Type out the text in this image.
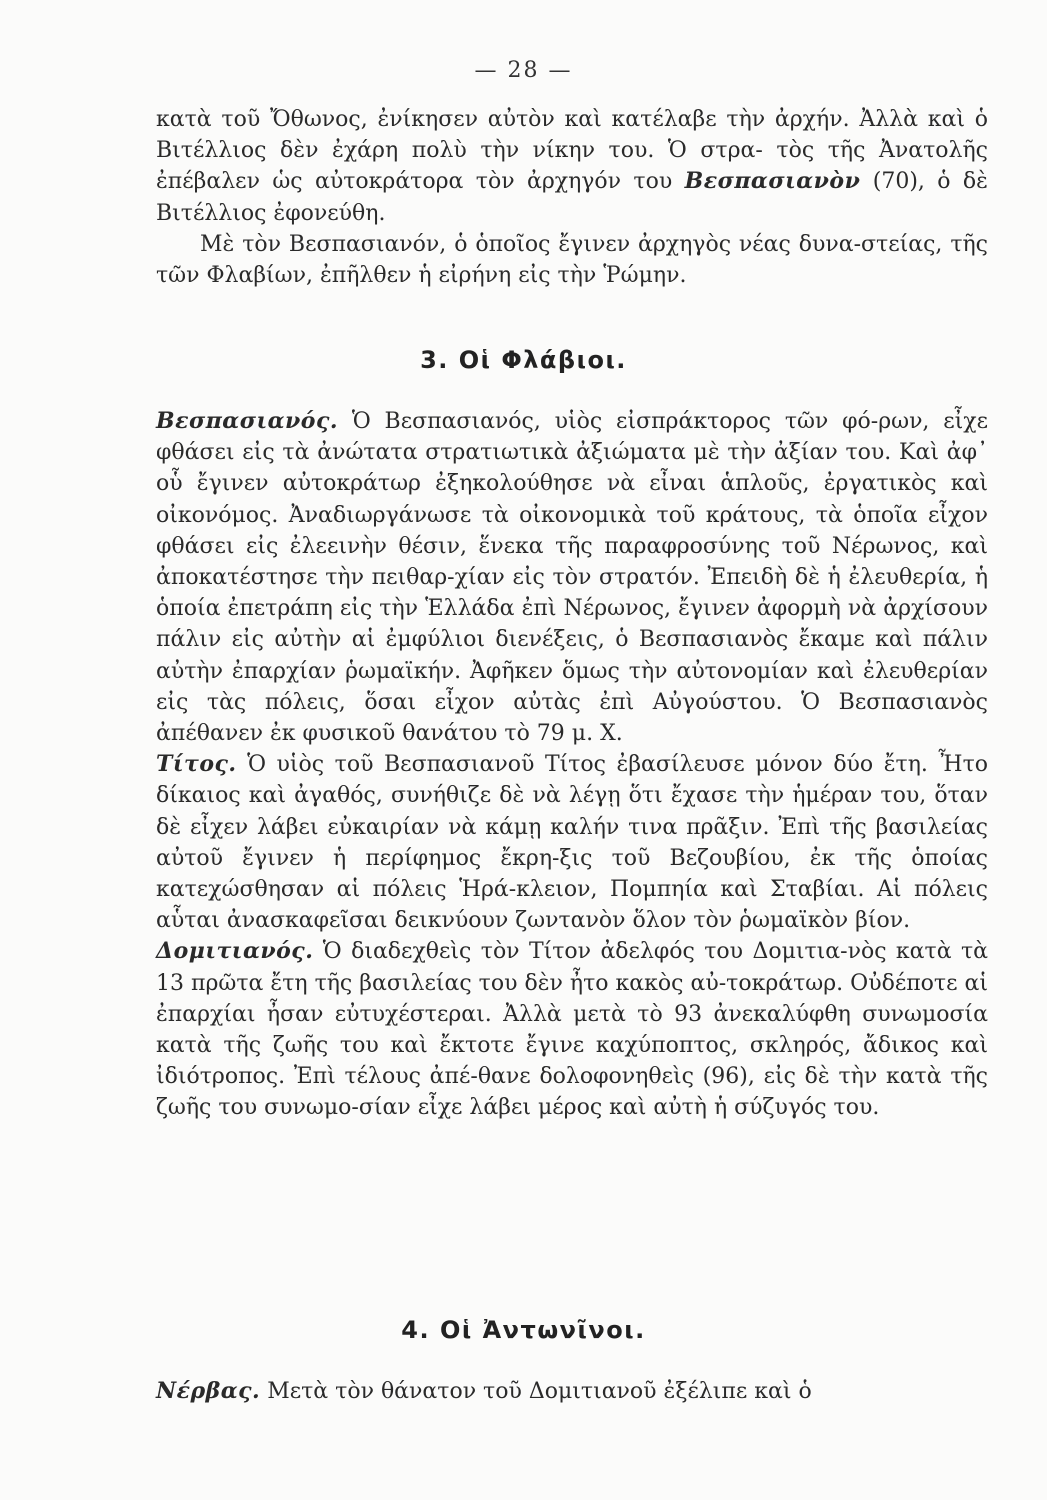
— 28 —

κατὰ τοῦ Ὄθωνος, ἐνίκησεν αὐτὸν καὶ κατέλαβε τὴν ἀρχήν. Ἀλλὰ καὶ ὁ Βιτέλλιος δὲν ἐχάρη πολὺ τὴν νίκην του. Ὁ στρα- τὸς τῆς Ἀνατολῆς ἐπέβαλεν ὡς αὐτοκράτορα τὸν ἀρχηγόν του Βεσπασιανὸν (70), ὁ δὲ Βιτέλλιος ἐφονεύθη.

Μὲ τὸν Βεσπασιανόν, ὁ ὁποῖος ἔγινεν ἀρχηγὸς νέας δυνα-στείας, τῆς τῶν Φλαβίων, ἐπῆλθεν ἡ εἰρήνη εἰς τὴν Ῥώμην.

3. Οἱ Φλάβιοι.

Βεσπασιανός. Ὁ Βεσπασιανός, υἱὸς εἰσπράκτορος τῶν φό-ρων, εἶχε φθάσει εἰς τὰ ἀνώτατα στρατιωτικὰ ἀξιώματα μὲ τὴν ἀξίαν του. Καὶ ἀφ᾽ οὗ ἔγινεν αὐτοκράτωρ ἐξηκολούθησε νὰ εἶναι ἁπλοῦς, ἐργατικὸς καὶ οἰκονόμος. Ἀναδιωργάνωσε τὰ οἰκονομικὰ τοῦ κράτους, τὰ ὁποῖα εἶχον φθάσει εἰς ἐλεεινὴν θέσιν, ἕνεκα τῆς παραφροσύνης τοῦ Νέρωνος, καὶ ἀποκατέστησε τὴν πειθαρ-χίαν εἰς τὸν στρατόν. Ἐπειδὴ δὲ ἡ ἐλευθερία, ἡ ὁποία ἐπετράπη εἰς τὴν Ἑλλάδα ἐπὶ Νέρωνος, ἔγινεν ἀφορμὴ νὰ ἀρχίσουν πάλιν εἰς αὐτὴν αἱ ἐμφύλιοι διενέξεις, ὁ Βεσπασιανὸς ἔκαμε καὶ πάλιν αὐτὴν ἐπαρχίαν ῥωμαϊκήν. Ἀφῆκεν ὅμως τὴν αὐτονομίαν καὶ ἐλευθερίαν εἰς τὰς πόλεις, ὅσαι εἶχον αὐτὰς ἐπὶ Αὐγούστου. Ὁ Βεσπασιανὸς ἀπέθανεν ἐκ φυσικοῦ θανάτου τὸ 79 μ. Χ.

Τίτος. Ὁ υἱὸς τοῦ Βεσπασιανοῦ Τίτος ἐβασίλευσε μόνον δύο ἔτη. Ἦτο δίκαιος καὶ ἀγαθός, συνήθιζε δὲ νὰ λέγῃ ὅτι ἔχασε τὴν ἡμέραν του, ὅταν δὲ εἶχεν λάβει εὐκαιρίαν νὰ κάμῃ καλήν τινα πρᾶξιν. Ἐπὶ τῆς βασιλείας αὐτοῦ ἔγινεν ἡ περίφημος ἔκρη-ξις τοῦ Βεζουβίου, ἐκ τῆς ὁποίας κατεχώσθησαν αἱ πόλεις Ἡρά-κλειον, Πομπηία καὶ Σταβίαι. Αἱ πόλεις αὗται ἀνασκαφεῖσαι δεικνύουν ζωντανὸν ὅλον τὸν ῥωμαϊκὸν βίον.

Δομιτιανός. Ὁ διαδεχθεὶς τὸν Τίτον ἀδελφός του Δομιτια-νὸς κατὰ τὰ 13 πρῶτα ἔτη τῆς βασιλείας του δὲν ἦτο κακὸς αὐ-τοκράτωρ. Οὐδέποτε αἱ ἐπαρχίαι ἦσαν εὐτυχέστεραι. Ἀλλὰ μετὰ τὸ 93 ἀνεκαλύφθη συνωμοσία κατὰ τῆς ζωῆς του καὶ ἔκτοτε ἔγινε καχύποπτος, σκληρός, ἄδικος καὶ ἰδιότροπος. Ἐπὶ τέλους ἀπέ-θανε δολοφονηθεὶς (96), εἰς δὲ τὴν κατὰ τῆς ζωῆς του συνωμο-σίαν εἶχε λάβει μέρος καὶ αὐτὴ ἡ σύζυγός του.

4. Οἱ Ἀντωνῖνοι.

Νέρβας. Μετὰ τὸν θάνατον τοῦ Δομιτιανοῦ ἐξέλιπε καὶ ὁ
